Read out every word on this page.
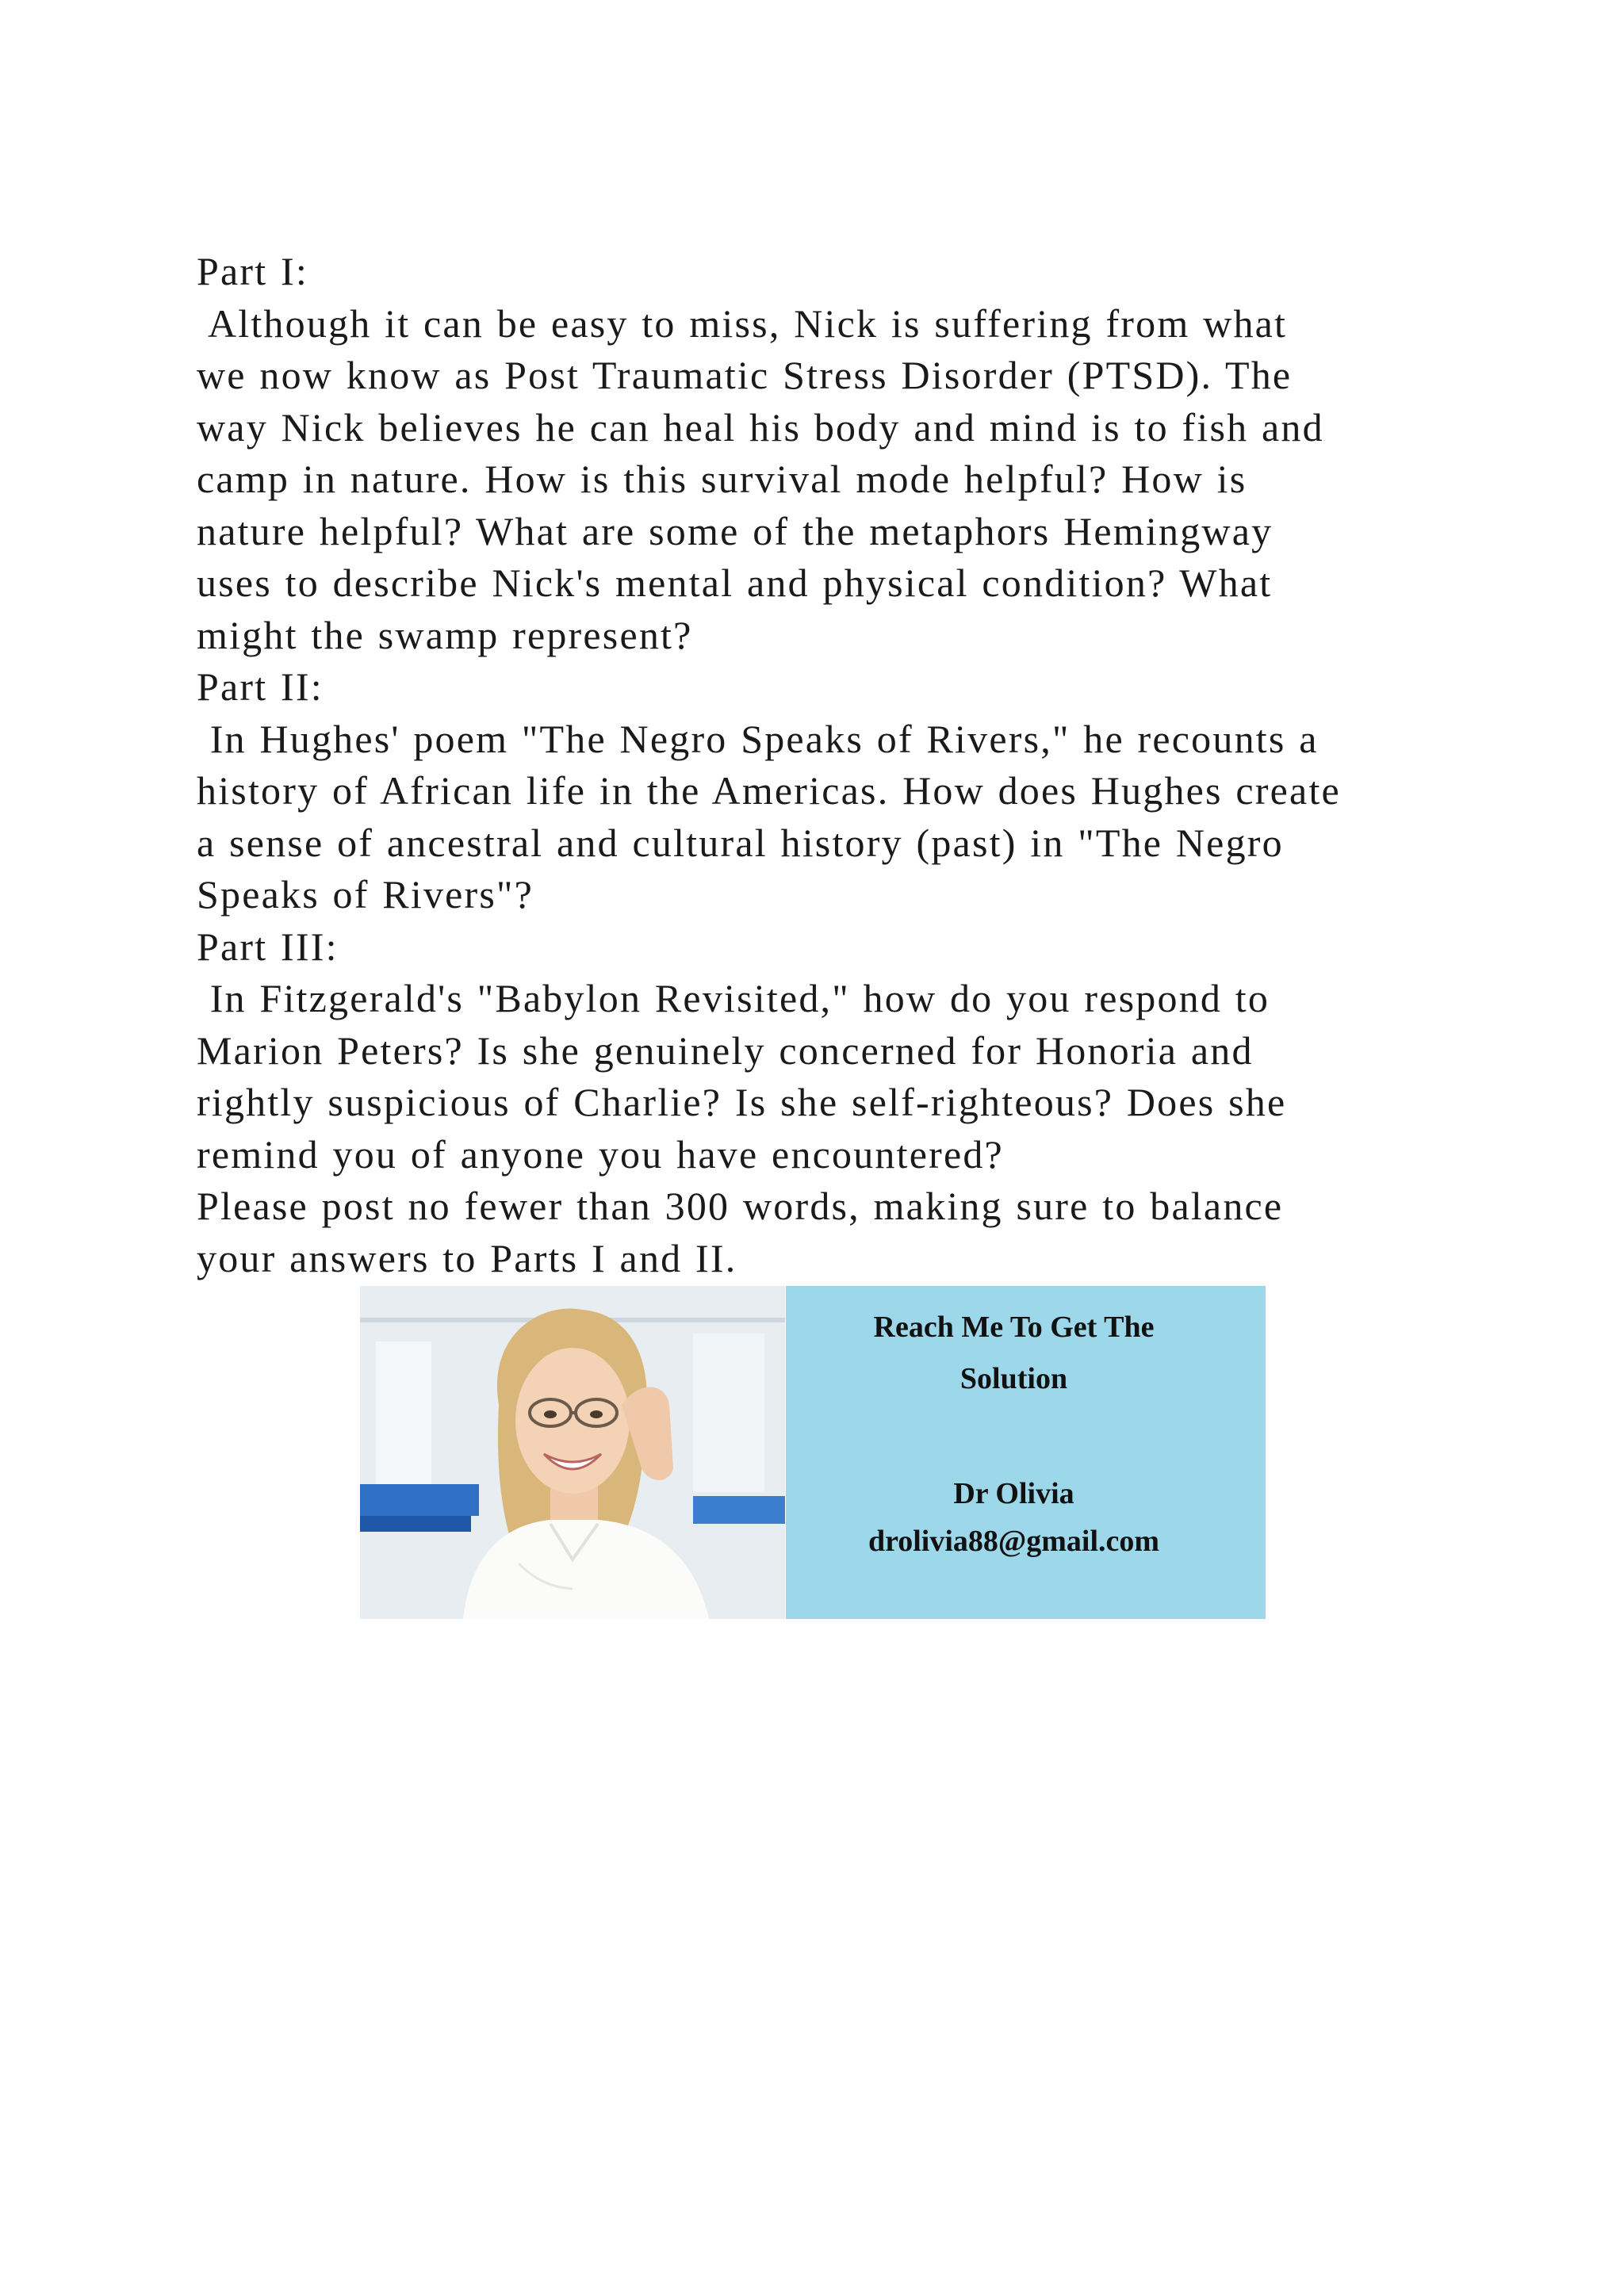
Part I:
Although it can be easy to miss, Nick is suffering from what
we now know as Post Traumatic Stress Disorder (PTSD). The
way Nick believes he can heal his body and mind is to fish and
camp in nature. How is this survival mode helpful? How is
nature helpful? What are some of the metaphors Hemingway
uses to describe Nick's mental and physical condition? What
might the swamp represent?
Part II:
In Hughes' poem "The Negro Speaks of Rivers," he recounts a
history of African life in the Americas. How does Hughes create
a sense of ancestral and cultural history (past) in "The Negro
Speaks of Rivers"?
Part III:
In Fitzgerald's "Babylon Revisited," how do you respond to
Marion Peters? Is she genuinely concerned for Honoria and
rightly suspicious of Charlie? Is she self-righteous? Does she
remind you of anyone you have encountered?
Please post no fewer than 300 words, making sure to balance
your answers to Parts I and II.
Reach Me To Get The
Solution
Dr Olivia
drolivia88@gmail.com
